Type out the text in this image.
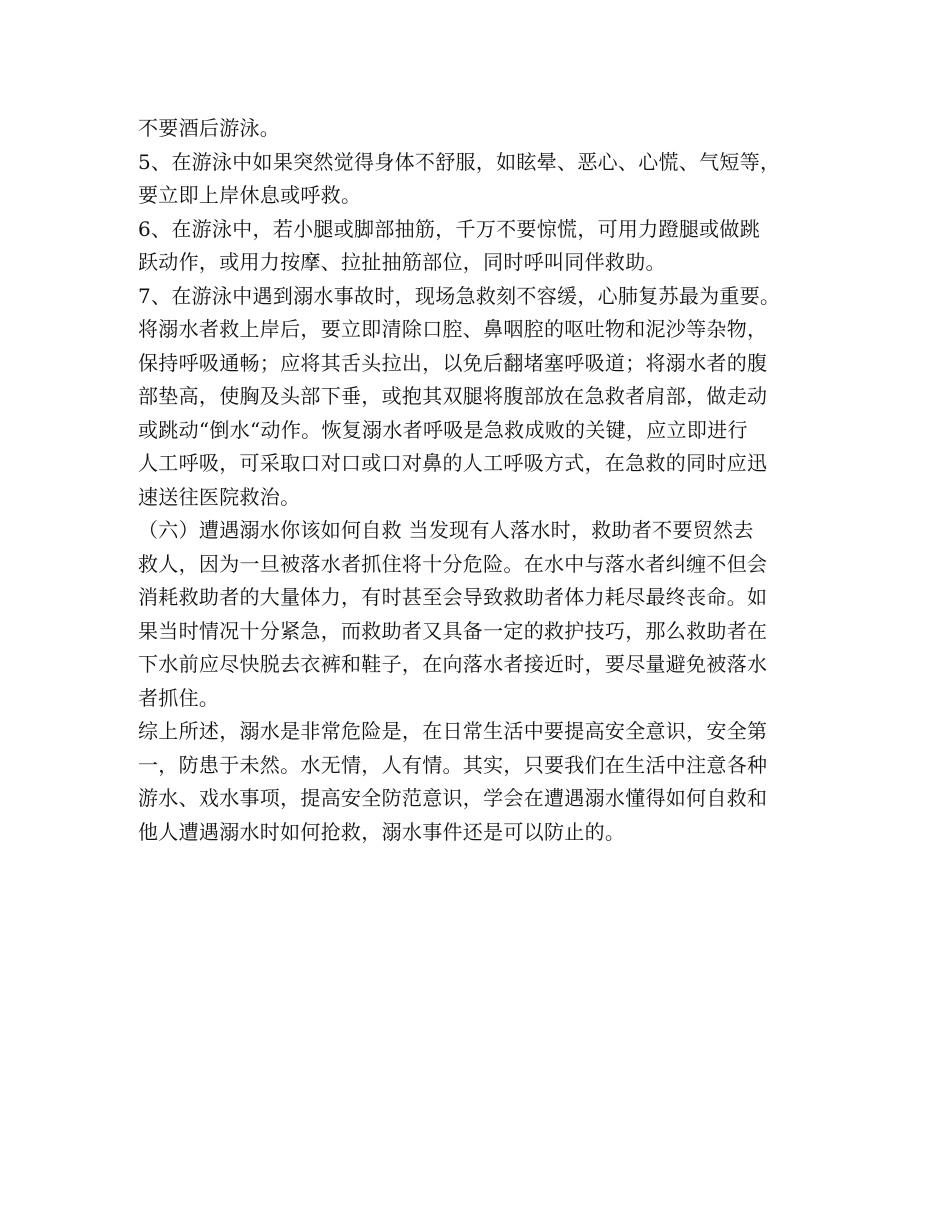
不要酒后游泳。

5、在游泳中如果突然觉得身体不舒服，如眩晕、恶心、心慌、气短等，
要立即上岸休息或呼救。

6、在游泳中，若小腿或脚部抽筋，千万不要惊慌，可用力蹬腿或做跳
跃动作，或用力按摩、拉扯抽筋部位，同时呼叫同伴救助。

7、在游泳中遇到溺水事故时，现场急救刻不容缓，心肺复苏最为重要。
将溺水者救上岸后，要立即清除口腔、鼻咽腔的呕吐物和泥沙等杂物，
保持呼吸通畅；应将其舌头拉出，以免后翻堵塞呼吸道；将溺水者的腹
部垫高，使胸及头部下垂，或抱其双腿将腹部放在急救者肩部，做走动
或跳动“倒水“动作。恢复溺水者呼吸是急救成败的关键，应立即进行
人工呼吸，可采取口对口或口对鼻的人工呼吸方式，在急救的同时应迅
速送往医院救治。

（六）遭遇溺水你该如何自救 当发现有人落水时，救助者不要贸然去
救人，因为一旦被落水者抓住将十分危险。在水中与落水者纠缠不但会
消耗救助者的大量体力，有时甚至会导致救助者体力耗尽最终丧命。如
果当时情况十分紧急，而救助者又具备一定的救护技巧，那么救助者在
下水前应尽快脱去衣裤和鞋子，在向落水者接近时，要尽量避免被落水
者抓住。

综上所述，溺水是非常危险是，在日常生活中要提高安全意识，安全第
一，防患于未然。水无情，人有情。其实，只要我们在生活中注意各种
游水、戏水事项，提高安全防范意识，学会在遭遇溺水懂得如何自救和
他人遭遇溺水时如何抢救，溺水事件还是可以防止的。
